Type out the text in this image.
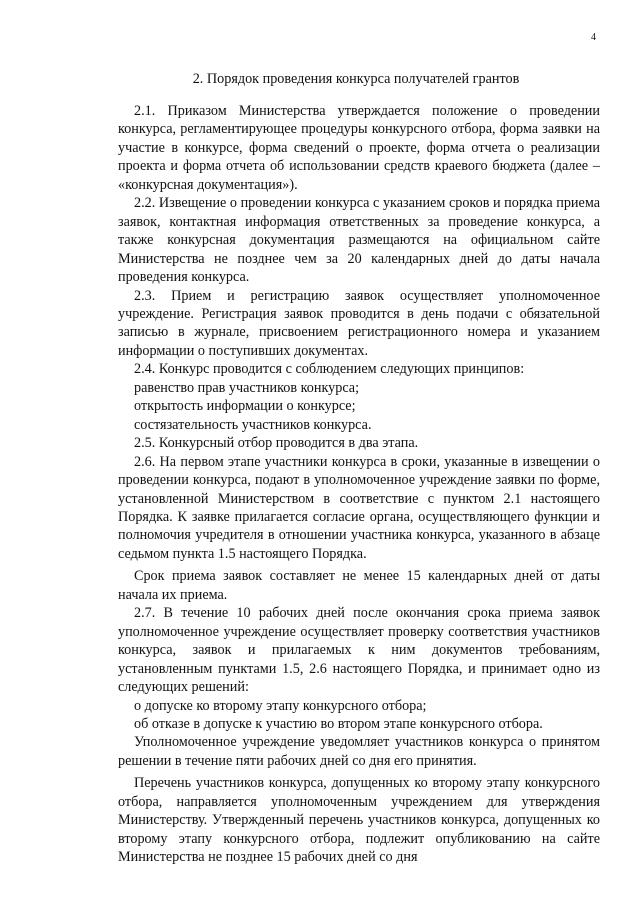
4
2. Порядок проведения конкурса получателей грантов

2.1. Приказом Министерства утверждается положение о проведении конкурса, регламентирующее процедуры конкурсного отбора, форма заявки на участие в конкурсе, форма сведений о проекте, форма отчета о реализации проекта и форма отчета об использовании средств краевого бюджета (далее – «конкурсная документация»).

2.2. Извещение о проведении конкурса с указанием сроков и порядка приема заявок, контактная информация ответственных за проведение конкурса, а также конкурсная документация размещаются на официальном сайте Министерства не позднее чем за 20 календарных дней до даты начала проведения конкурса.

2.3. Прием и регистрацию заявок осуществляет уполномоченное учреждение. Регистрация заявок проводится в день подачи с обязательной записью в журнале, присвоением регистрационного номера и указанием информации о поступивших документах.

2.4. Конкурс проводится с соблюдением следующих принципов:

равенство прав участников конкурса;

открытость информации о конкурсе;

состязательность участников конкурса.

2.5. Конкурсный отбор проводится в два этапа.

2.6. На первом этапе участники конкурса в сроки, указанные в извещении о проведении конкурса, подают в уполномоченное учреждение заявки по форме, установленной Министерством в соответствие с пунктом 2.1 настоящего Порядка. К заявке прилагается согласие органа, осуществляющего функции и полномочия учредителя в отношении участника конкурса, указанного в абзаце седьмом пункта 1.5 настоящего Порядка.

Срок приема заявок составляет не менее 15 календарных дней от даты начала их приема.

2.7. В течение 10 рабочих дней после окончания срока приема заявок уполномоченное учреждение осуществляет проверку соответствия участников конкурса, заявок и прилагаемых к ним документов требованиям, установленным пунктами 1.5, 2.6 настоящего Порядка, и принимает одно из следующих решений:

о допуске ко второму этапу конкурсного отбора;

об отказе в допуске к участию во втором этапе конкурсного отбора.

Уполномоченное учреждение уведомляет участников конкурса о принятом решении в течение пяти рабочих дней со дня его принятия.

Перечень участников конкурса, допущенных ко второму этапу конкурсного отбора, направляется уполномоченным учреждением для утверждения Министерству. Утвержденный перечень участников конкурса, допущенных ко второму этапу конкурсного отбора, подлежит опубликованию на сайте Министерства не позднее 15 рабочих дней со дня
